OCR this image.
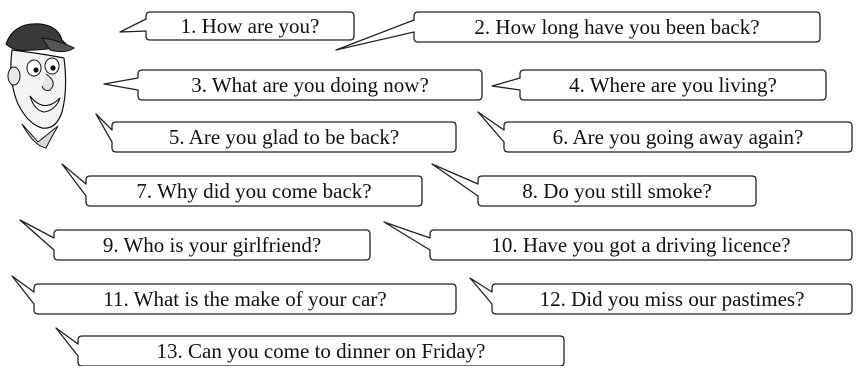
1. How are you?	2. How long have you been back?
3. What are you doing now?	4. Where are you living?
5. Are you glad to be back?	6. Are you going away again?
7. Why did you come back?	8. Do you still smoke?
9. Who is your girlfriend?	10. Have you got a driving licence?
11. What is the make of your car?	12. Did you miss our pastimes?
13. Can you come to dinner on Friday?
